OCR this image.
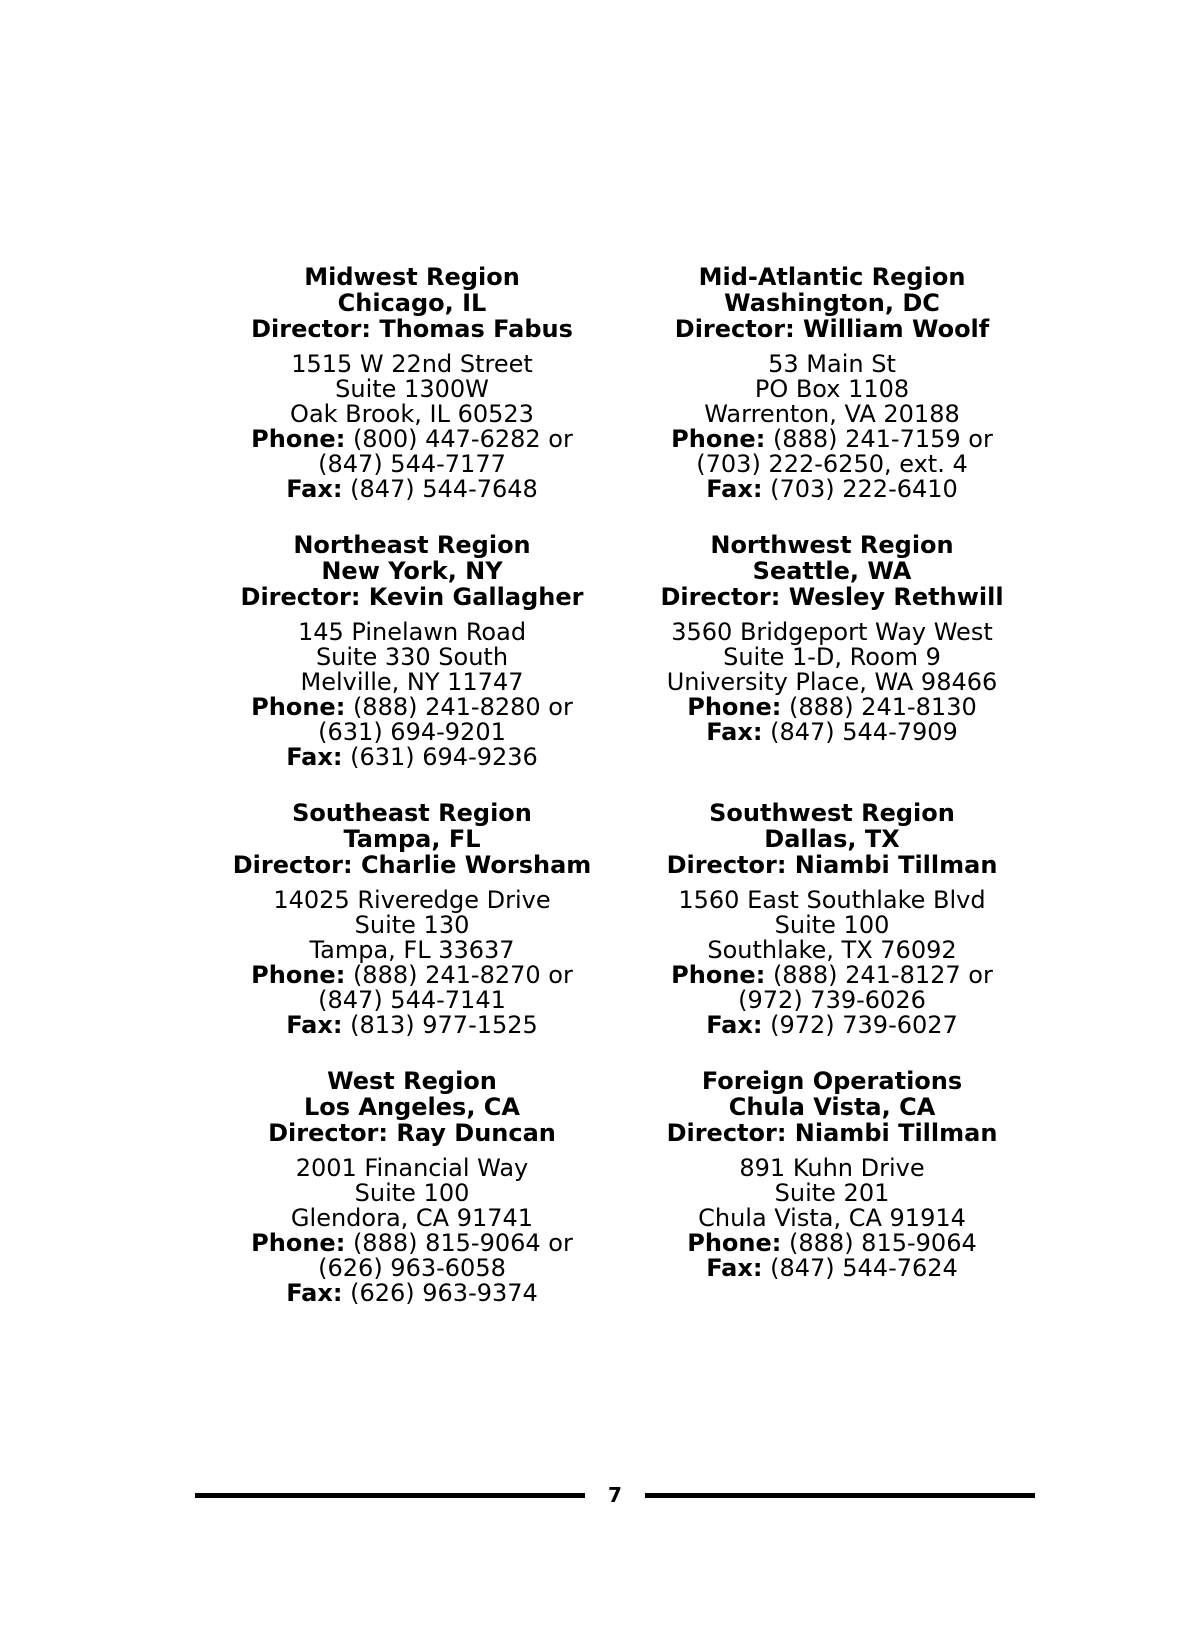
Midwest Region
Chicago, IL
Director: Thomas Fabus
1515 W 22nd Street
Suite 1300W
Oak Brook, IL 60523
Phone: (800) 447-6282 or
(847) 544-7177
Fax: (847) 544-7648
Mid-Atlantic Region
Washington, DC
Director: William Woolf
53 Main St
PO Box 1108
Warrenton, VA 20188
Phone: (888) 241-7159 or
(703) 222-6250, ext. 4
Fax: (703) 222-6410
Northeast Region
New York, NY
Director: Kevin Gallagher
145 Pinelawn Road
Suite 330 South
Melville, NY 11747
Phone: (888) 241-8280 or
(631) 694-9201
Fax: (631) 694-9236
Northwest Region
Seattle, WA
Director: Wesley Rethwill
3560 Bridgeport Way West
Suite 1-D, Room 9
University Place, WA 98466
Phone: (888) 241-8130
Fax: (847) 544-7909
Southeast Region
Tampa, FL
Director: Charlie Worsham
14025 Riveredge Drive
Suite 130
Tampa, FL 33637
Phone: (888) 241-8270 or
(847) 544-7141
Fax: (813) 977-1525
Southwest Region
Dallas, TX
Director: Niambi Tillman
1560 East Southlake Blvd
Suite 100
Southlake, TX 76092
Phone: (888) 241-8127 or
(972) 739-6026
Fax: (972) 739-6027
West Region
Los Angeles, CA
Director: Ray Duncan
2001 Financial Way
Suite 100
Glendora, CA 91741
Phone: (888) 815-9064 or
(626) 963-6058
Fax: (626) 963-9374
Foreign Operations
Chula Vista, CA
Director: Niambi Tillman
891 Kuhn Drive
Suite 201
Chula Vista, CA 91914
Phone: (888) 815-9064
Fax: (847) 544-7624
7
